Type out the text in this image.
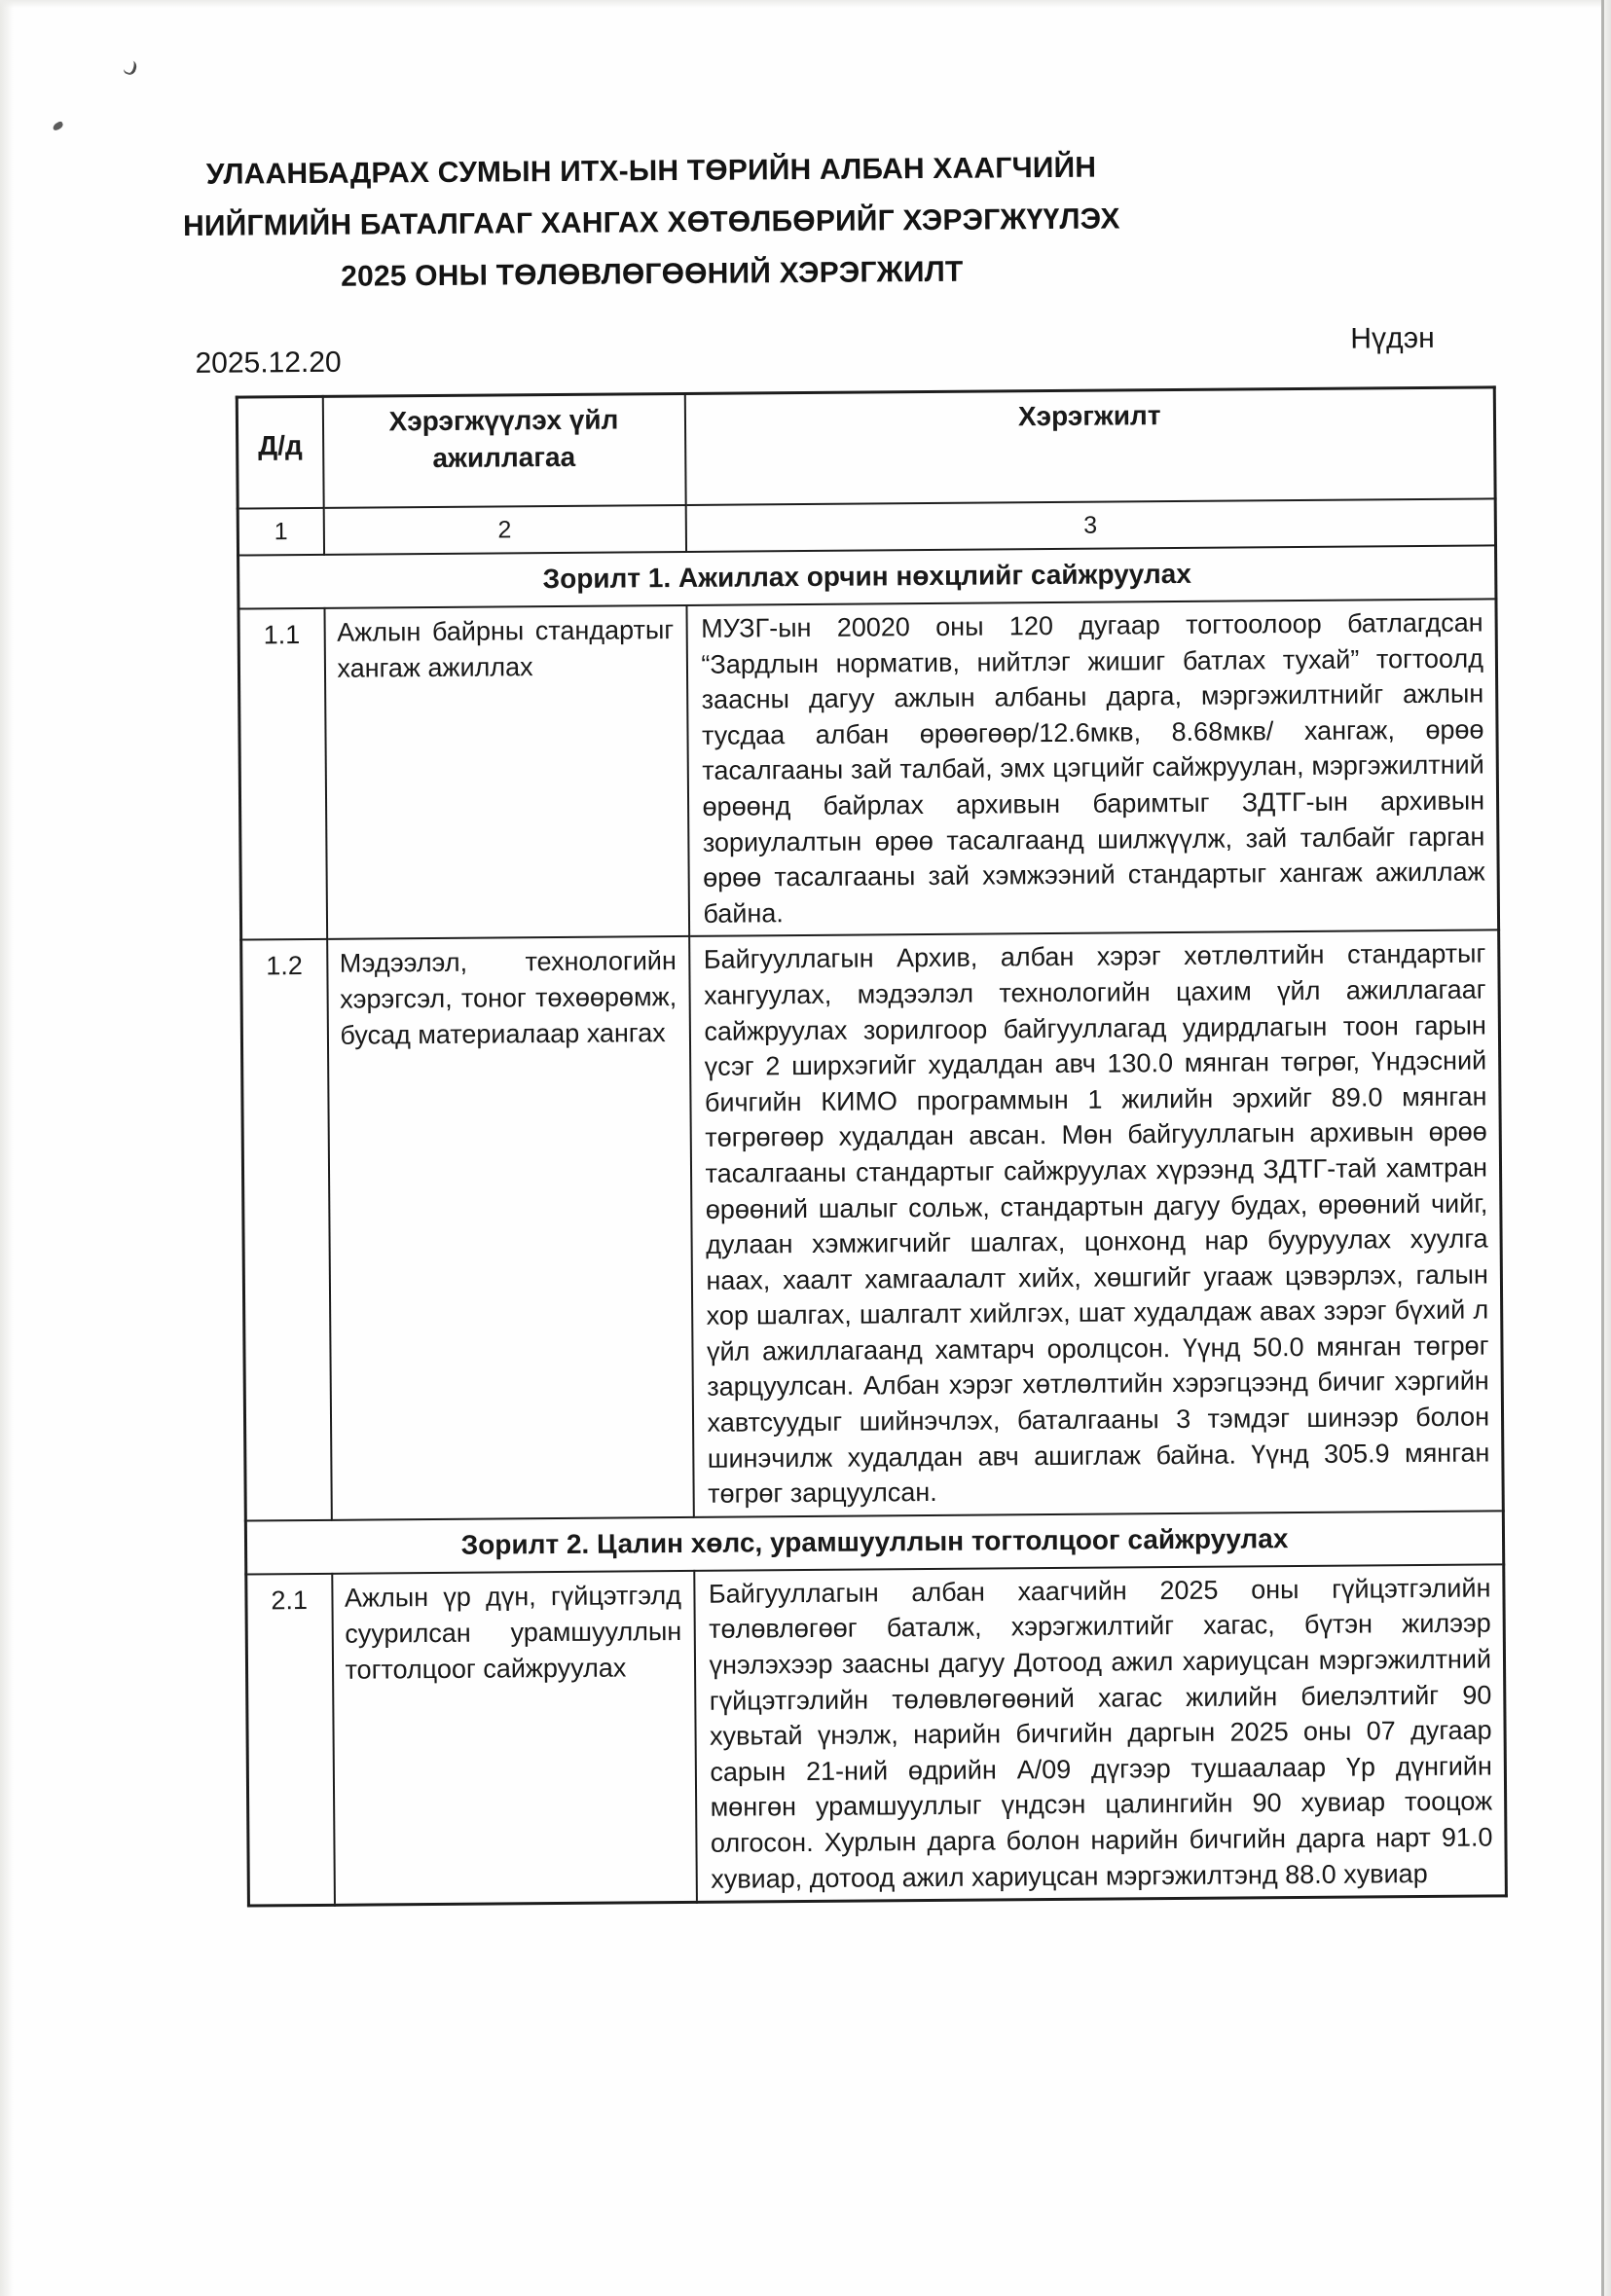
УЛААНБАДРАХ СУМЫН ИТХ-ЫН ТӨРИЙН АЛБАН ХААГЧИЙН
НИЙГМИЙН БАТАЛГААГ ХАНГАХ ХӨТӨЛБӨРИЙГ ХЭРЭГЖҮҮЛЭХ
2025 ОНЫ ТӨЛӨВЛӨГӨӨНИЙ ХЭРЭГЖИЛТ
2025.12.20
Нүдэн
Д/д	Хэрэгжүүлэх үйл ажиллагаа	Хэрэгжилт
1	2	3
Зорилт 1. Ажиллах орчин нөхцлийг сайжруулах		
1.1	Ажлын байрны стандартыг хангаж ажиллах	МУЗГ-ын 20020 оны 120 дугаар тогтоолоор батлагдсан “Зардлын норматив, нийтлэг жишиг батлах тухай” тогтоолд заасны дагуу ажлын албаны дарга, мэргэжилтнийг ажлын тусдаа албан өрөөгөөр/12.6мкв, 8.68мкв/ хангаж, өрөө тасалгааны зай талбай, эмх цэгцийг сайжруулан, мэргэжилтний өрөөнд байрлах архивын баримтыг ЗДТГ-ын архивын зориулалтын өрөө тасалгаанд шилжүүлж, зай талбайг гарган өрөө тасалгааны зай хэмжээний стандартыг хангаж ажиллаж байна.
1.2	Мэдээлэл, технологийн хэрэгсэл, тоног төхөөрөмж, бусад материалаар хангах	Байгууллагын Архив, албан хэрэг хөтлөлтийн стандартыг хангуулах, мэдээлэл технологийн цахим үйл ажиллагааг сайжруулах зорилгоор байгууллагад удирдлагын тоон гарын үсэг 2 ширхэгийг худалдан авч 130.0 мянган төгрөг, Үндэсний бичгийн КИМО программын 1 жилийн эрхийг 89.0 мянган төгрөгөөр худалдан авсан. Мөн байгууллагын архивын өрөө тасалгааны стандартыг сайжруулах хүрээнд ЗДТГ-тай хамтран өрөөний шалыг сольж, стандартын дагуу будах, өрөөний чийг, дулаан хэмжигчийг шалгах, цонхонд нар бууруулах хуулга наах, хаалт хамгаалалт хийх, хөшгийг угааж цэвэрлэх, галын хор шалгах, шалгалт хийлгэх, шат худалдаж авах зэрэг бүхий л үйл ажиллагаанд хамтарч оролцсон. Үүнд 50.0 мянган төгрөг зарцуулсан. Албан хэрэг хөтлөлтийн хэрэгцээнд бичиг хэргийн хавтсуудыг шийнэчлэх, баталгааны 3 тэмдэг шинээр болон шинэчилж худалдан авч ашиглаж байна. Үүнд 305.9 мянган төгрөг зарцуулсан.
Зорилт 2. Цалин хөлс, урамшууллын тогтолцоог сайжруулах		
2.1	Ажлын үр дүн, гүйцэтгэлд суурилсан урамшууллын тогтолцоог сайжруулах	Байгууллагын албан хаагчийн 2025 оны гүйцэтгэлийн төлөвлөгөөг баталж, хэрэгжилтийг хагас, бүтэн жилээр үнэлэхээр заасны дагуу Дотоод ажил хариуцсан мэргэжилтний гүйцэтгэлийн төлөвлөгөөний хагас жилийн биелэлтийг 90 хувьтай үнэлж, нарийн бичгийн даргын 2025 оны 07 дугаар сарын 21-ний өдрийн А/09 дүгээр тушаалаар Үр дүнгийн мөнгөн урамшууллыг үндсэн цалингийн 90 хувиар тооцож олгосон. Хурлын дарга болон нарийн бичгийн дарга нарт 91.0 хувиар, дотоод ажил хариуцсан мэргэжилтэнд 88.0 хувиар
